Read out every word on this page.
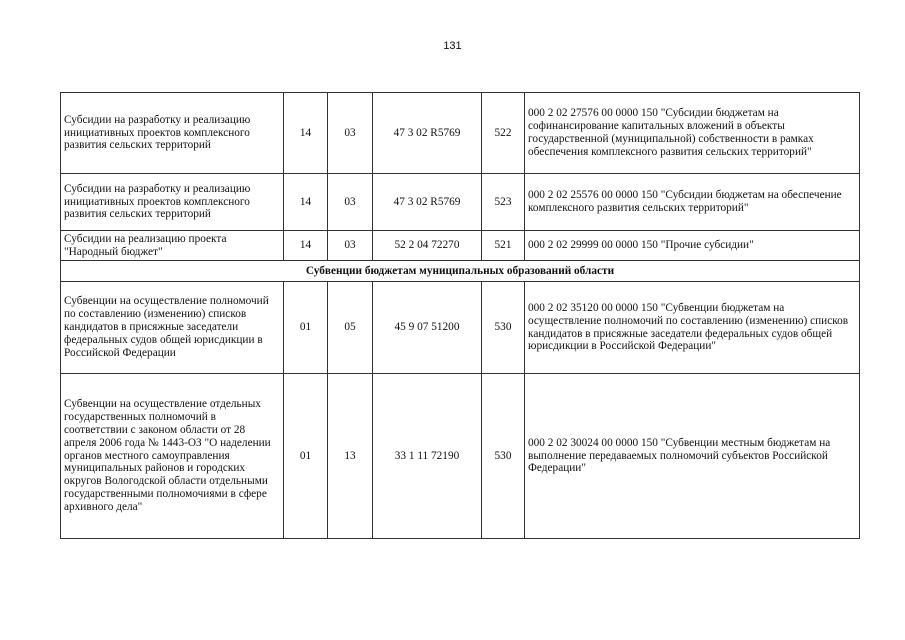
131
Субсидии на разработку и реализацию инициативных проектов комплексного развития сельских территорий	14	03	47 3 02 R5769	522	000 2 02 27576 00 0000 150 "Субсидии бюджетам на софинансирование капитальных вложений в объекты государственной (муниципальной) собственности в рамках обеспечения комплексного развития сельских территорий"

Субсидии на разработку и реализацию инициативных проектов комплексного развития сельских территорий	14	03	47 3 02 R5769	523	000 2 02 25576 00 0000 150 "Субсидии бюджетам на обеспечение комплексного развития сельских территорий"
Субсидии на реализацию проекта "Народный бюджет"	14	03	52 2 04 72270	521	000 2 02 29999 00 0000 150 "Прочие субсидии"
Субвенции бюджетам муниципальных образований области					

Субвенции на осуществление полномочий по составлению (изменению) списков кандидатов в присяжные заседатели федеральных судов общей юрисдикции в Российской Федерации	01	05	45 9 07 51200	530	000 2 02 35120 00 0000 150 "Субвенции бюджетам на осуществление полномочий по составлению (изменению) списков кандидатов в присяжные заседатели федеральных судов общей юрисдикции в Российской Федерации"

Субвенции на осуществление отдельных государственных полномочий в соответствии с законом области от 28 апреля 2006 года № 1443-ОЗ "О наделении органов местного самоуправления муниципальных районов и городских округов Вологодской области отдельными государственными полномочиями в сфере архивного дела"	01	13	33 1 11 72190	530	000 2 02 30024 00 0000 150 "Субвенции местным бюджетам на выполнение передаваемых полномочий субъектов Российской Федерации"
